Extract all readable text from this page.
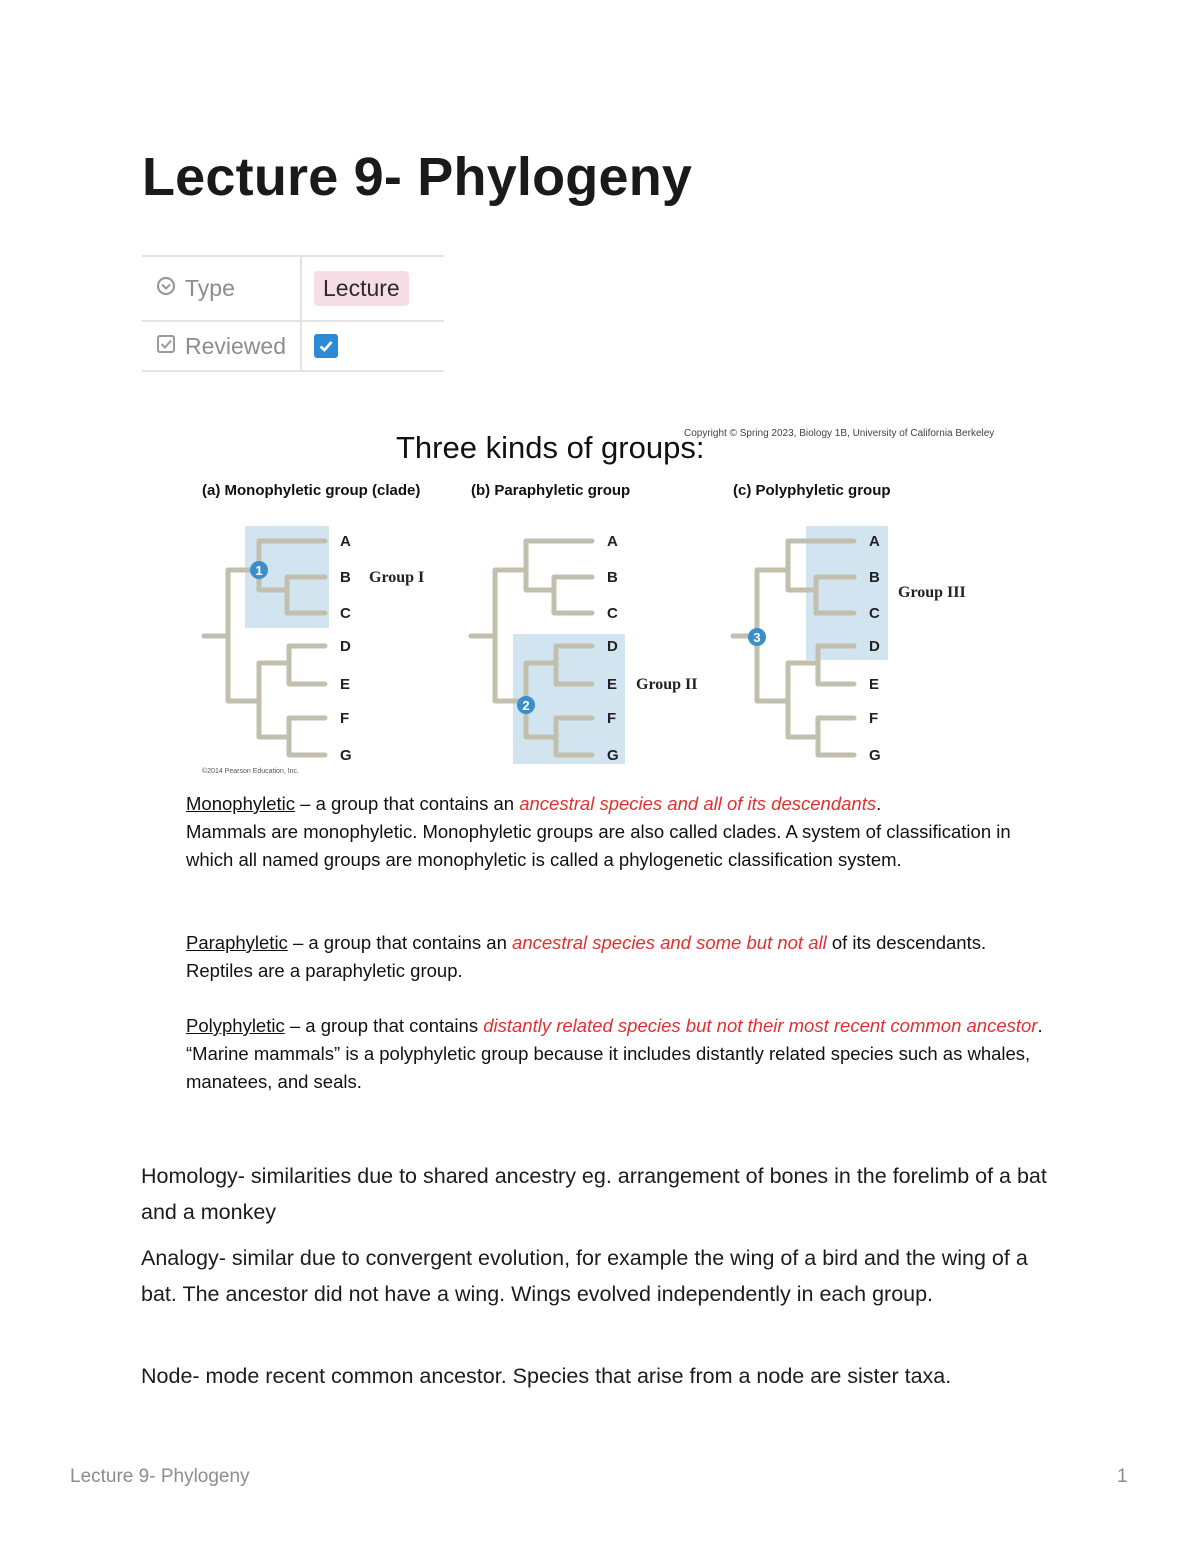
Lecture 9- Phylogeny
Type	Lecture
Reviewed
Three kinds of groups:
Copyright © Spring 2023, Biology 1B, University of California Berkeley
(a) Monophyletic group (clade)	(b) Paraphyletic group	(c) Polyphyletic group
1
A
B
C
D
E
F
G
Group I
©2014 Pearson Education, Inc.
2
A
B
C
D
E
F
G
Group II
3
A
B
C
D
E
F
G
Group III

Monophyletic – a group that contains an ancestral species and all of its descendants.
Mammals are monophyletic. Monophyletic groups are also called clades. A system of classification in which all named groups are monophyletic is called a phylogenetic classification system.

Paraphyletic – a group that contains an ancestral species and some but not all of its descendants. Reptiles are a paraphyletic group.

Polyphyletic – a group that contains distantly related species but not their most recent common ancestor. “Marine mammals” is a polyphyletic group because it includes distantly related species such as whales, manatees, and seals.

Homology- similarities due to shared ancestry eg. arrangement of bones in the forelimb of a bat and a monkey

Analogy- similar due to convergent evolution, for example the wing of a bird and the wing of a bat. The ancestor did not have a wing. Wings evolved independently in each group.

Node- mode recent common ancestor. Species that arise from a node are sister taxa.

Lecture 9- Phylogeny	1
